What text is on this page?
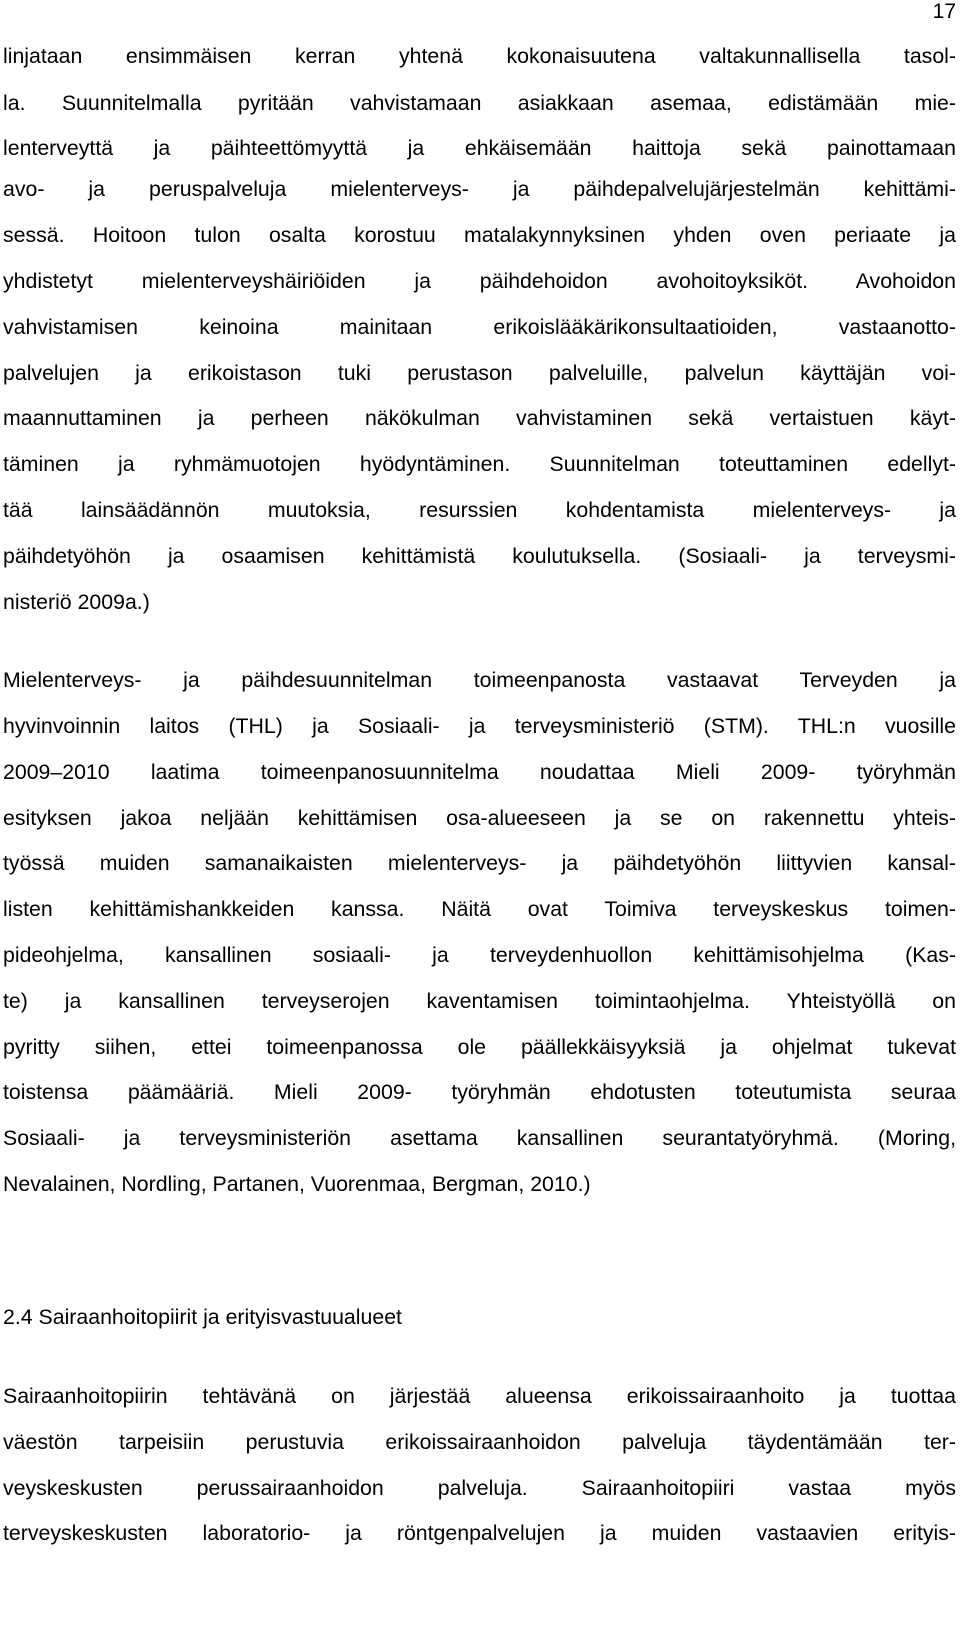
17
linjataan ensimmäisen kerran yhtenä kokonaisuutena valtakunnallisella tasol-
la. Suunnitelmalla pyritään vahvistamaan asiakkaan asemaa, edistämään mie-
lenterveyttä ja päihteettömyyttä ja ehkäisemään haittoja sekä painottamaan
avo- ja peruspalveluja mielenterveys- ja päihdepalvelujärjestelmän kehittämi-
sessä. Hoitoon tulon osalta korostuu matalakynnyksinen yhden oven periaate ja
yhdistetyt mielenterveyshäiriöiden ja päihdehoidon avohoitoyksiköt. Avohoidon
vahvistamisen keinoina mainitaan erikoislääkärikonsultaatioiden, vastaanotto-
palvelujen ja erikoistason tuki perustason palveluille, palvelun käyttäjän voi-
maannuttaminen ja perheen näkökulman vahvistaminen sekä vertaistuen käyt-
täminen ja ryhmämuotojen hyödyntäminen. Suunnitelman toteuttaminen edellyt-
tää lainsäädännön muutoksia, resurssien kohdentamista mielenterveys- ja
päihdetyöhön ja osaamisen kehittämistä koulutuksella. (Sosiaali- ja terveysmi-
nisteriö 2009a.)
Mielenterveys- ja päihdesuunnitelman toimeenpanosta vastaavat Terveyden ja
hyvinvoinnin laitos (THL) ja Sosiaali- ja terveysministeriö (STM). THL:n vuosille
2009–2010 laatima toimeenpanosuunnitelma noudattaa Mieli 2009- työryhmän
esityksen jakoa neljään kehittämisen osa-alueeseen ja se on rakennettu yhteis-
työssä muiden samanaikaisten mielenterveys- ja päihdetyöhön liittyvien kansal-
listen kehittämishankkeiden kanssa. Näitä ovat Toimiva terveyskeskus toimen-
pideohjelma, kansallinen sosiaali- ja terveydenhuollon kehittämisohjelma (Kas-
te) ja kansallinen terveyserojen kaventamisen toimintaohjelma. Yhteistyöllä on
pyritty siihen, ettei toimeenpanossa ole päällekkäisyyksiä ja ohjelmat tukevat
toistensa päämääriä. Mieli 2009- työryhmän ehdotusten toteutumista seuraa
Sosiaali- ja terveysministeriön asettama kansallinen seurantatyöryhmä. (Moring,
Nevalainen, Nordling, Partanen, Vuorenmaa, Bergman, 2010.)
2.4 Sairaanhoitopiirit ja erityisvastuualueet
Sairaanhoitopiirin tehtävänä on järjestää alueensa erikoissairaanhoito ja tuottaa
väestön tarpeisiin perustuvia erikoissairaanhoidon palveluja täydentämään ter-
veyskeskusten perussairaanhoidon palveluja. Sairaanhoitopiiri vastaa myös
terveyskeskusten laboratorio- ja röntgenpalvelujen ja muiden vastaavien erityis-
